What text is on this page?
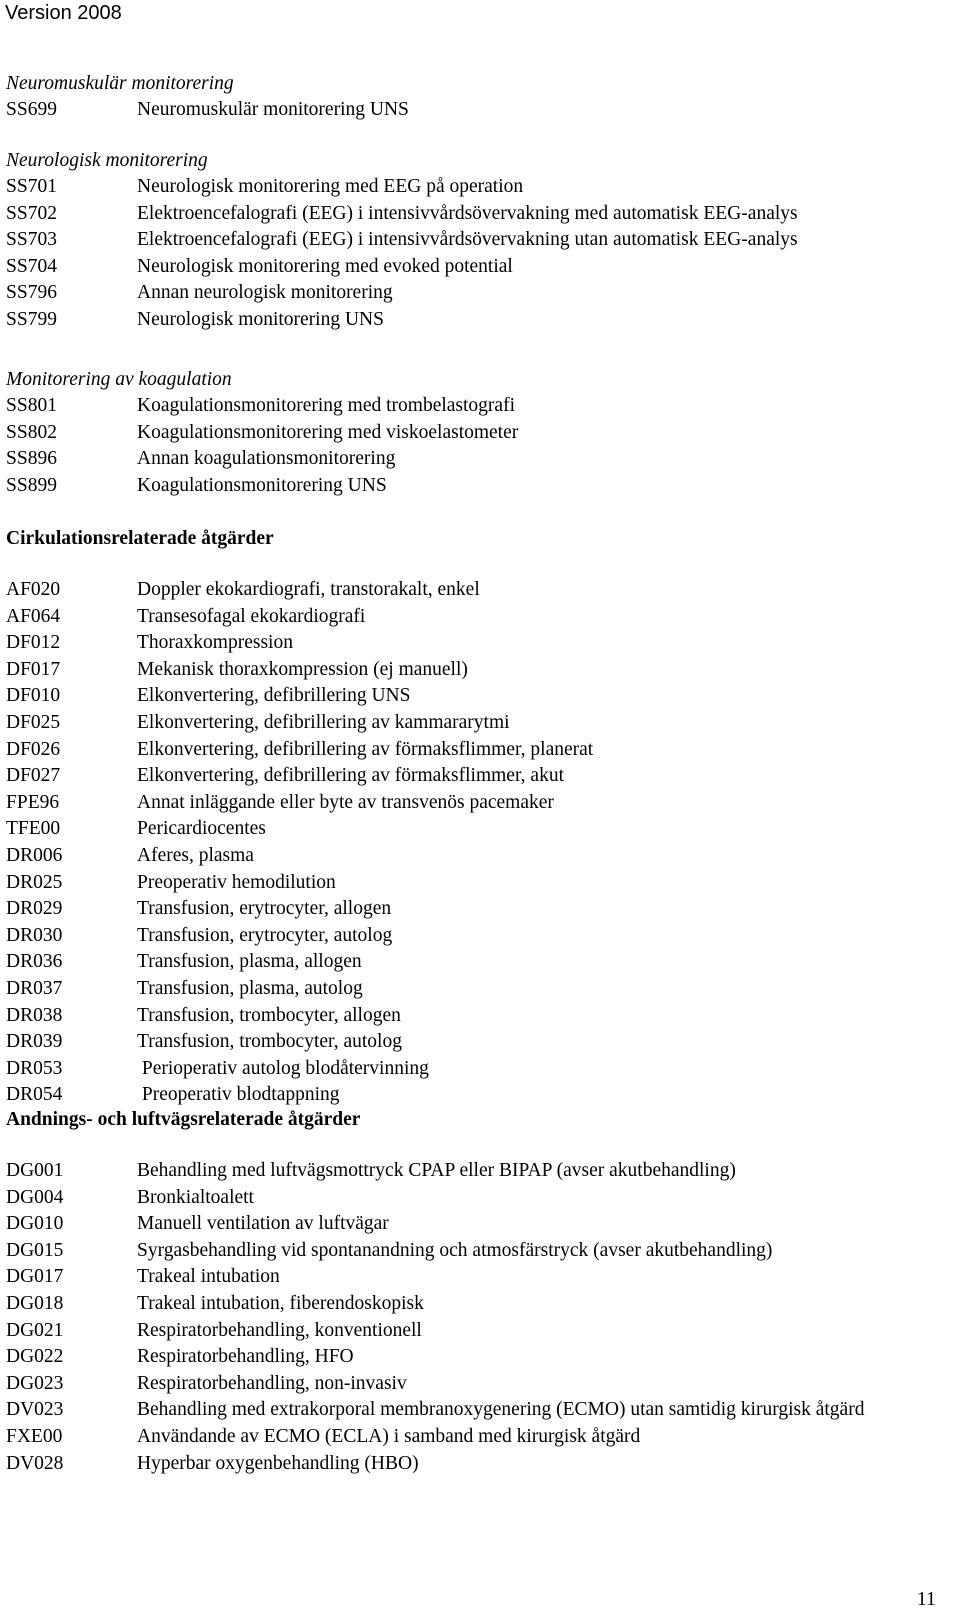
Version 2008
Neuromuskulär monitorering
SS699	Neuromuskulär monitorering UNS
Neurologisk monitorering
SS701	Neurologisk monitorering med EEG på operation
SS702	Elektroencefalografi (EEG) i intensivvårdsövervakning med automatisk EEG-analys
SS703	Elektroencefalografi (EEG) i intensivvårdsövervakning utan automatisk EEG-analys
SS704	Neurologisk monitorering med evoked potential
SS796	Annan neurologisk monitorering
SS799	Neurologisk monitorering UNS
Monitorering av koagulation
SS801	Koagulationsmonitorering med trombelastografi
SS802	Koagulationsmonitorering med viskoelastometer
SS896	Annan koagulationsmonitorering
SS899	Koagulationsmonitorering UNS
Cirkulationsrelaterade åtgärder
AF020	Doppler ekokardiografi, transtorakalt, enkel
AF064	Transesofagal ekokardiografi
DF012	Thoraxkompression
DF017	Mekanisk thoraxkompression (ej manuell)
DF010	Elkonvertering, defibrillering UNS
DF025	Elkonvertering, defibrillering av kammararytmi
DF026	Elkonvertering, defibrillering av förmaksflimmer, planerat
DF027	Elkonvertering, defibrillering av förmaksflimmer, akut
FPE96	Annat inläggande eller byte av transvenös pacemaker
TFE00	Pericardiocentes
DR006	Aferes, plasma
DR025	Preoperativ hemodilution
DR029	Transfusion, erytrocyter, allogen
DR030	Transfusion, erytrocyter, autolog
DR036	Transfusion, plasma, allogen
DR037	Transfusion, plasma, autolog
DR038	Transfusion, trombocyter, allogen
DR039	Transfusion, trombocyter, autolog
DR053	Perioperativ autolog blodåtervinning
DR054	Preoperativ blodtappning
Andnings- och luftvägsrelaterade åtgärder
DG001	Behandling med luftvägsmottryck CPAP eller BIPAP (avser akutbehandling)
DG004	Bronkialtoalett
DG010	Manuell ventilation av luftvägar
DG015	Syrgasbehandling vid spontanandning och atmosfärstryck (avser akutbehandling)
DG017	Trakeal intubation
DG018	Trakeal intubation, fiberendoskopisk
DG021	Respiratorbehandling, konventionell
DG022	Respiratorbehandling, HFO
DG023	Respiratorbehandling, non-invasiv
DV023	Behandling med extrakorporal membranoxygenering (ECMO) utan samtidig kirurgisk åtgärd
FXE00	Användande av ECMO (ECLA) i samband med kirurgisk åtgärd
DV028	Hyperbar oxygenbehandling (HBO)
11
